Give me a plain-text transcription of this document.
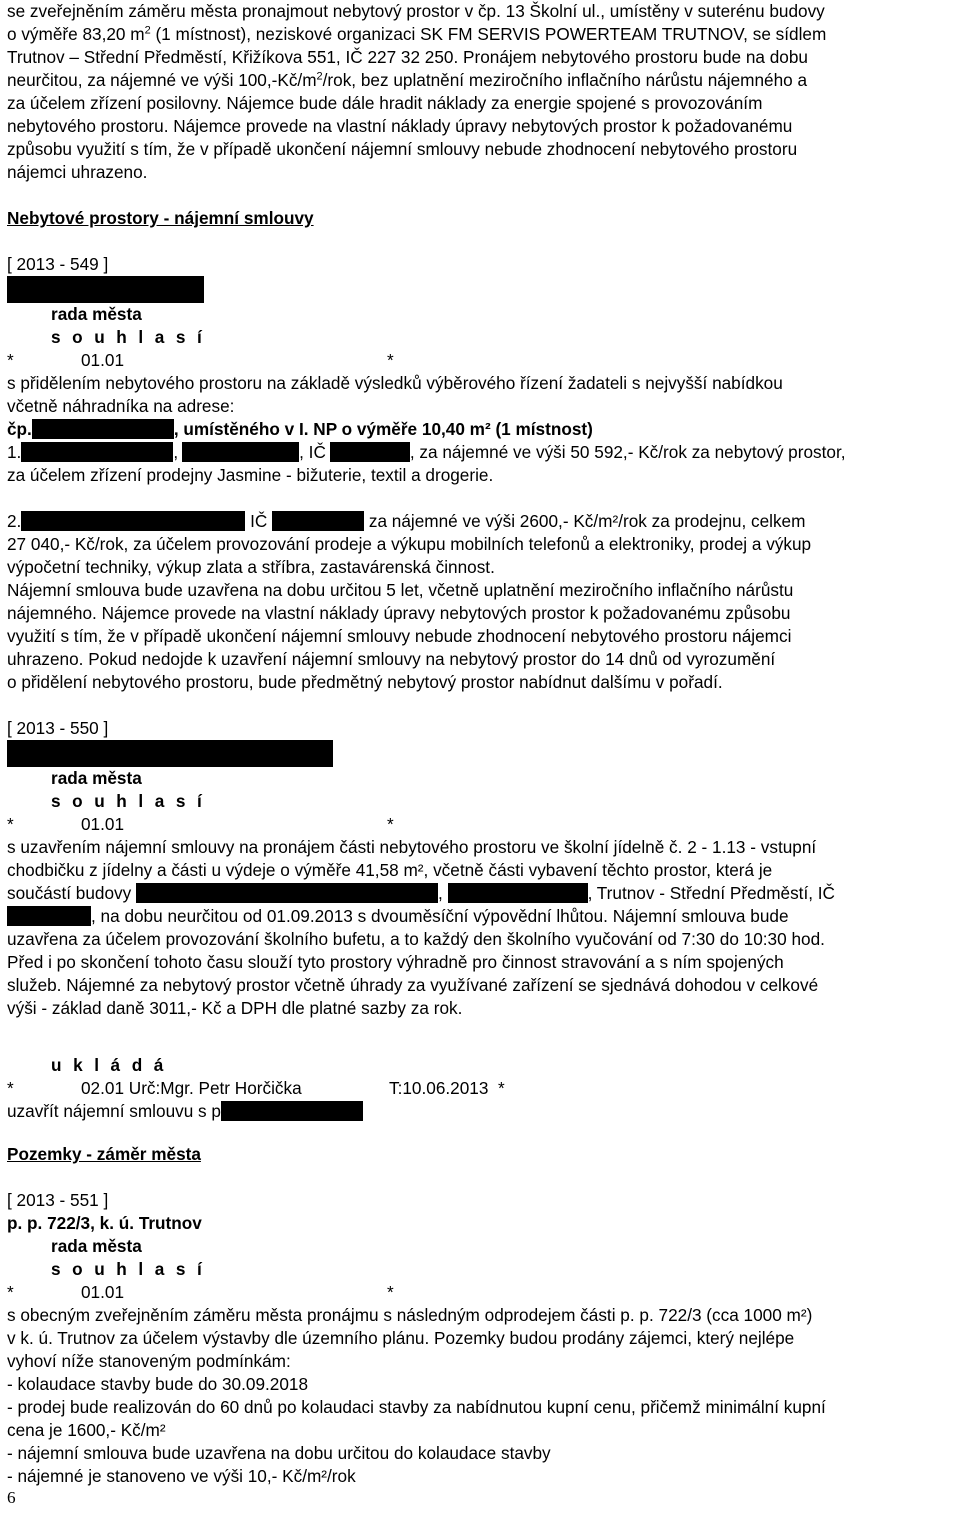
se zveřejněním záměru města pronajmout nebytový prostor v čp. 13 Školní ul., umístěny v suterénu budovy

o výměře 83,20 $m^2$ (1 místnost), neziskové organizaci SK FM SERVIS POWERTEAM TRUTNOV, se sídlem

Trutnov – Střední Předměstí, Křižíkova 551, IČ 227 32 250. Pronájem nebytového prostoru bude na dobu

neurčitou, za nájemné ve výši $100,-Kč/m^2$/rok, bez uplatnění meziročního inflačního nárůstu nájemného a

za účelem zřízení posilovny. Nájemce bude dále hradit náklady za energie spojené s provozováním

nebytového prostoru. Nájemce provede na vlastní náklady úpravy nebytových prostor k požadovanému

způsobu využití s tím, že v případě ukončení nájemní smlouvy nebude zhodnocení nebytového prostoru

nájemci uhrazeno.

Nebytové prostory - nájemní smlouvy

[ 2013 - 549 ]

rada města

s o u h l a s í

*	01.01	*

s přidělením nebytového prostoru na základě výsledků výběrového řízení žadateli s nejvyšší nabídkou

včetně náhradníka na adrese:

čp.	, umístěného v I. NP o výměře 10,40 m² (1 místnost)

1.	,	, IČ	, za nájemné ve výši 50 592,- Kč/rok za nebytový prostor,

za účelem zřízení prodejny Jasmine - bižuterie, textil a drogerie.

2.	IČ	za nájemné ve výši 2600,- Kč/m²/rok za prodejnu, celkem

27 040,- Kč/rok, za účelem provozování prodeje a výkupu mobilních telefonů a elektroniky, prodej a výkup

výpočetní techniky, výkup zlata a stříbra, zastavárenská činnost.

Nájemní smlouva bude uzavřena na dobu určitou 5 let, včetně uplatnění meziročního inflačního nárůstu

nájemného. Nájemce provede na vlastní náklady úpravy nebytových prostor k požadovanému způsobu

využití s tím, že v případě ukončení nájemní smlouvy nebude zhodnocení nebytového prostoru nájemci

uhrazeno. Pokud nedojde k uzavření nájemní smlouvy na nebytový prostor do 14 dnů od vyrozumění

o přidělení nebytového prostoru, bude předmětný nebytový prostor nabídnut dalšímu v pořadí.

[ 2013 - 550 ]

rada města

s o u h l a s í

*	01.01	*

s uzavřením nájemní smlouvy na pronájem části nebytového prostoru ve školní jídelně č. 2 - 1.13 - vstupní

chodbičku z jídelny a části u výdeje o výměře 41,58 m², včetně části vybavení těchto prostor, která je

součástí budovy	,	, Trutnov - Střední Předměstí, IČ

, na dobu neurčitou od 01.09.2013 s dvouměsíční výpovědní lhůtou. Nájemní smlouva bude

uzavřena za účelem provozování školního bufetu, a to každý den školního vyučování od 7:30 do 10:30 hod.

Před i po skončení tohoto času slouží tyto prostory výhradně pro činnost stravování a s ním spojených

služeb. Nájemné za nebytový prostor včetně úhrady za využívané zařízení se sjednává dohodou v celkové

výši - základ daně 3011,- Kč a DPH dle platné sazby za rok.

u k l á d á

*	02.01 Urč:Mgr. Petr Horčička	T:10.06.2013 *

uzavřít nájemní smlouvu s p

Pozemky - záměr města

[ 2013 - 551 ]

p. p. 722/3, k. ú. Trutnov

rada města

s o u h l a s í

*	01.01	*

s obecným zveřejněním záměru města pronájmu s následným odprodejem části p. p. 722/3 (cca 1000 m²)

v k. ú. Trutnov za účelem výstavby dle územního plánu. Pozemky budou prodány zájemci, který nejlépe

vyhoví níže stanoveným podmínkám:

- kolaudace stavby bude do 30.09.2018

- prodej bude realizován do 60 dnů po kolaudaci stavby za nabídnutou kupní cenu, přičemž minimální kupní

cena je 1600,- Kč/m²

- nájemní smlouva bude uzavřena na dobu určitou do kolaudace stavby

- nájemné je stanoveno ve výši 10,- Kč/m²/rok

6
